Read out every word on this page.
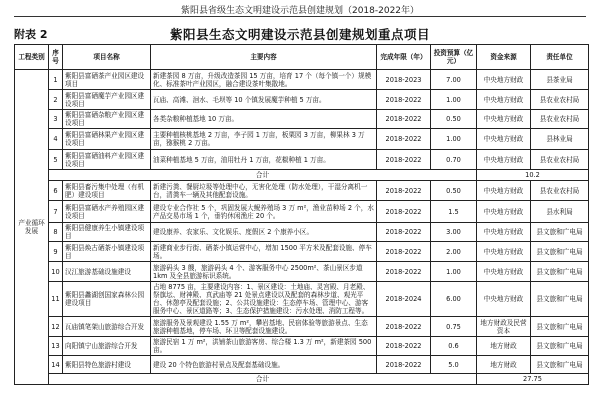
紫阳县省级生态文明建设示范县创建规划（2018-2022年）
附表 2	紫阳县生态文明建设示范县创建规划重点项目
工程类别	序号	项目名称	主要内容	完成年限（年）	投资预算（亿元）	资金来源	责任单位
产业循环发展	1	紫阳县富硒茶产业园区建设项目	新建茶园 8 万亩，升级改造茶园 15 万亩，培育 17 个（每个镇一个）规模化、标准茶叶产业园区，融合建设茶叶集散地。	2018-2023	7.00	中央地方财政	县茶业局
	2	紫阳县富硒魔芋产业园区建设项目	瓦庙、高滩、洄水、毛坝等 10 个镇发展魔芋种植 5 万亩。	2018-2022	1.00	中央地方财政	县农业农村局
	3	紫阳县富硒杂粮产业园区建设项目	各类杂粮种植基地 10 万亩。	2018-2022	0.50	中央地方财政	县农业农村局
	4	紫阳县富硒林果产业园区建设项目	主要种植核桃基地 2 万亩，李子园 1 万亩，板栗园 3 万亩，柳果林 3 万亩，猕猴桃 2 万亩。	2018-2022	1.00	中央地方财政	县林业局
	5	紫阳县富硒油料产业园区建设项目	油菜种植基地 5 万亩，油用牡丹 1 万亩，花椒种植 1 万亩。	2018-2022	0.70	中央地方财政	县农业农村局
	合计					10.2	
	6	紫阳县畜污集中处理（有机肥）建设项目	新建污粪、餐厨垃圾等处理中心，无害化处理（防水处理），干湿分离机一台，清粪车一辆及其他配套设施。	2018-2022	0.50	中央地方财政	县农业农村局
	7	紫阳县富硒水产养殖园区建设项目	建设专业合作社 5 个，巩固发展大鲵养殖场 3 万 m²，渔业苗种场 2 个，水产品交易市场 1 个，垂钓休闲渔庄 20 个。	2018-2022	1.5	中央地方财政	县水利局
	8	紫阳县健康养生小镇建设项目	建设康养、农家乐、文化娱乐、度假区 2 个康养小区。	2018-2022	3.00	中央地方财政	县文旅和广电局
	9	紫阳县焕古硒茶小镇建设项目	新建商业步行街、硒茶小镇运营中心，增加 1500 平方米及配套设施、停车场。	2018-2022	2.00	中央地方财政	县文旅和广电局
	10	汉江旅游基础设施建设	旅游码头 3 艘，旅游码头 4 个、游客服务中心 2500m²、茶山景区步道 1km 及全县旅游标识系统。	2018-2022	1.00	中央地方财政	县文旅和广电局
	11	紫阳县蠡湖创国家森林公园建设项目	占地 8775 亩，主要建设内容：1、景区建设：土地庙、灵宫殿、月老殿、祭旗坛、财神殿、真武庙等 21 处景点建设以及配套的森林步道、观光平台、休憩亭及配套设施；2、公共设施建设：生态停车场、管理中心、游客服务中心、景区道路等；3、生态保护措施建设：污水处理、消防工程等。	2018-2024	6.00	中央地方财政	县文旅和广电局
	12	瓦庙镇笔架山旅游综合开发	旅游服务及景观建设 1.55 万 m²，攀岩基地、民宿体验等旅游景点、生态旅游种植基地，停车场、环卫等配套设施建设。	2018-2022	0.75	地方财政及民营资本	县文旅和广电局
	13	向阳镇宁山旅游综合开发	旅游民宿 1 万 m²，洪铺茶山旅游客房、综合楼 1.3 万 m²，新建茶园 500 亩。	2018-2022	0.6	地方财政	县文旅和广电局
	14	紫阳县特色旅游村建设	建设 20 个特色旅游村景点及配套基础设施。	2018-2022	5.0	地方财政	县文旅和广电局
	合计					27.75	
